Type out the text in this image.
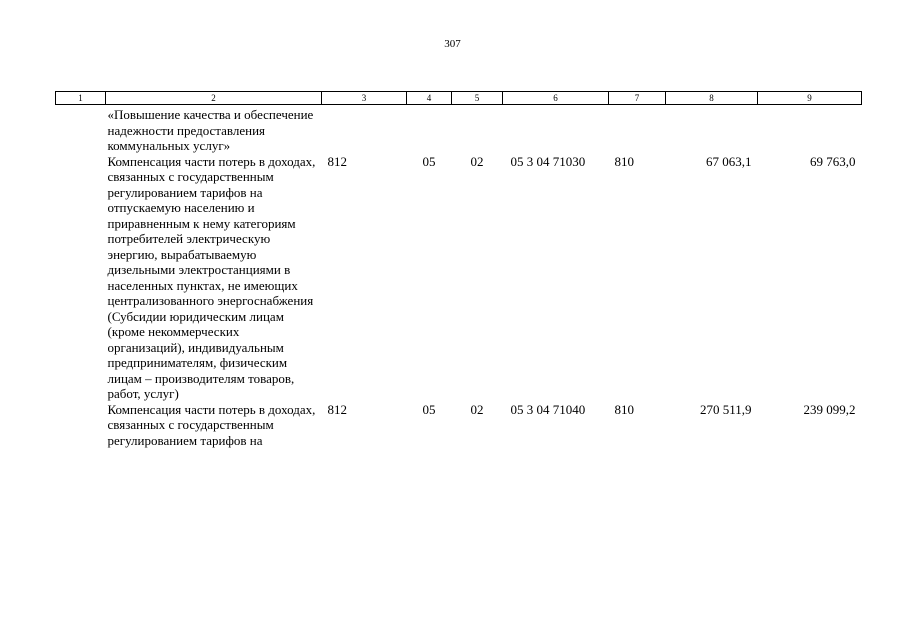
307
1	2	3	4	5	6	7	8	9
	«Повышение качества и обеспечение надежности предоставления коммунальных услуг»							
	Компенсация части потерь в доходах, связанных с государственным регулированием тарифов на отпускаемую населению и приравненным к нему категориям потребителей электрическую энергию, вырабатываемую дизельными электростанциями в населенных пунктах, не имеющих централизованного энергоснабжения (Субсидии юридическим лицам (кроме некоммерческих организаций), индивидуальным предпринимателям, физическим лицам – производителям товаров, работ, услуг)	812	05	02	05 3 04 71030	810	67 063,1	69 763,0
	Компенсация части потерь в доходах, связанных с государственным регулированием тарифов на	812	05	02	05 3 04 71040	810	270 511,9	239 099,2
